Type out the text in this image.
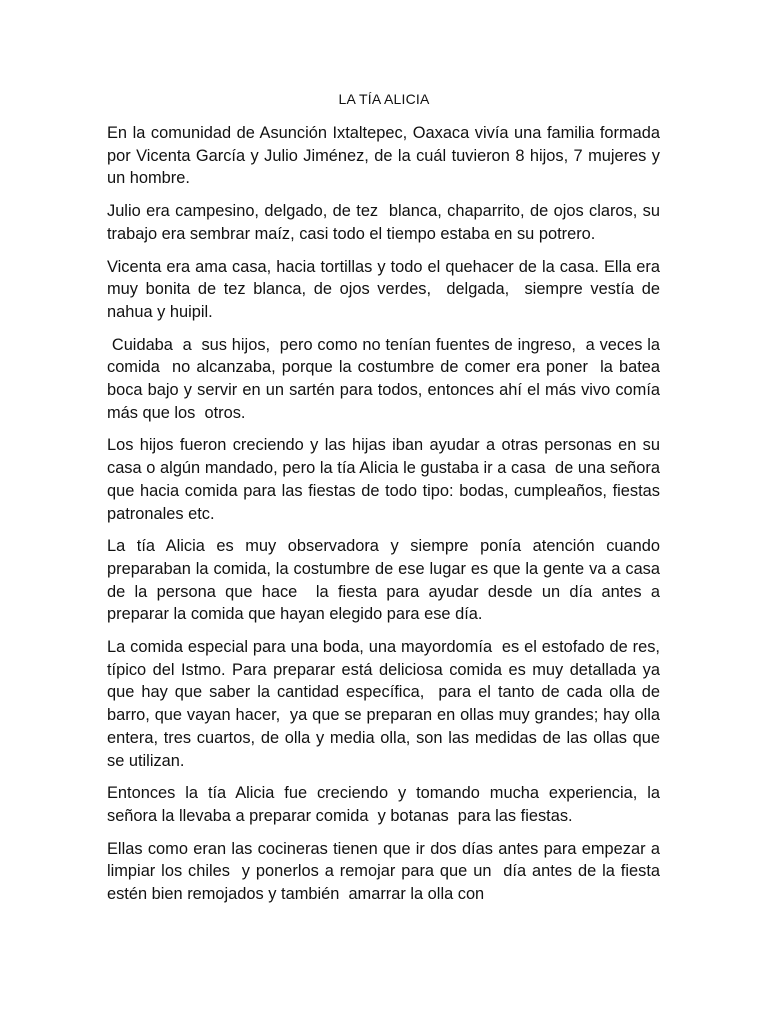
LA TÍA ALICIA

En la comunidad de Asunción Ixtaltepec, Oaxaca vivía una familia formada por Vicenta García y Julio Jiménez, de la cuál tuvieron 8 hijos, 7 mujeres y un hombre.

Julio era campesino, delgado, de tez  blanca, chaparrito, de ojos claros, su trabajo era sembrar maíz, casi todo el tiempo estaba en su potrero.

Vicenta era ama casa, hacia tortillas y todo el quehacer de la casa. Ella era muy bonita de tez blanca, de ojos verdes,  delgada,  siempre vestía de nahua y huipil.

Cuidaba  a  sus hijos,  pero como no tenían fuentes de ingreso,  a veces la comida  no alcanzaba, porque la costumbre de comer era poner  la batea boca bajo y servir en un sartén para todos, entonces ahí el más vivo comía más que los  otros.

Los hijos fueron creciendo y las hijas iban ayudar a otras personas en su casa o algún mandado, pero la tía Alicia le gustaba ir a casa  de una señora  que hacia comida para las fiestas de todo tipo: bodas, cumpleaños, fiestas patronales etc.

La tía Alicia es muy observadora y siempre ponía atención cuando preparaban la comida, la costumbre de ese lugar es que la gente va a casa de la persona que hace  la fiesta para ayudar desde un día antes a preparar la comida que hayan elegido para ese día.

La comida especial para una boda, una mayordomía  es el estofado de res, típico del Istmo. Para preparar está deliciosa comida es muy detallada ya que hay que saber la cantidad específica,  para el tanto de cada olla de barro, que vayan hacer,  ya que se preparan en ollas muy grandes; hay olla entera, tres cuartos, de olla y media olla, son las medidas de las ollas que se utilizan.

Entonces la tía Alicia fue creciendo y tomando mucha experiencia, la señora la llevaba a preparar comida  y botanas  para las fiestas.

Ellas como eran las cocineras tienen que ir dos días antes para empezar a limpiar los chiles  y ponerlos a remojar para que un  día antes de la fiesta estén bien remojados y también  amarrar la olla con
